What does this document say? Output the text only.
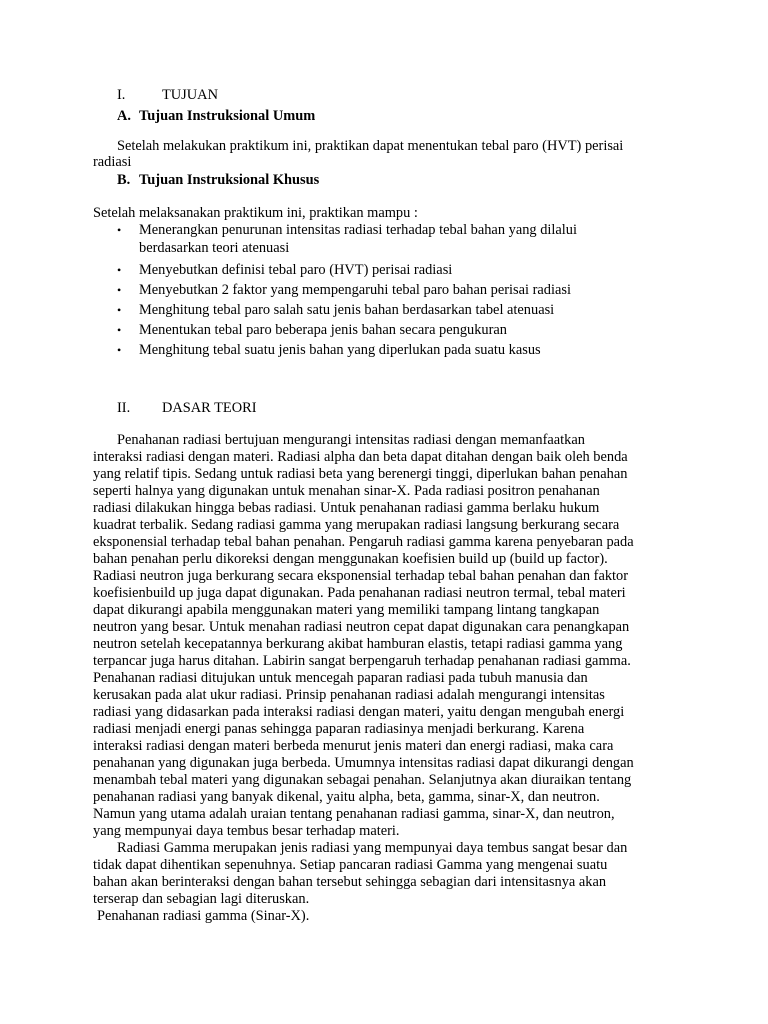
I.	TUJUAN
A. Tujuan Instruksional Umum
Setelah melakukan praktikum ini, praktikan dapat menentukan tebal paro (HVT) perisai
radiasi
B. Tujuan Instruksional Khusus
Setelah melaksanakan praktikum ini, praktikan mampu :
• Menerangkan penurunan intensitas radiasi terhadap tebal bahan yang dilalui
berdasarkan teori atenuasi
• Menyebutkan definisi tebal paro (HVT) perisai radiasi
• Menyebutkan 2 faktor yang mempengaruhi tebal paro bahan perisai radiasi
• Menghitung tebal paro salah satu jenis bahan berdasarkan tabel atenuasi
• Menentukan tebal paro beberapa jenis bahan secara pengukuran
• Menghitung tebal suatu jenis bahan yang diperlukan pada suatu kasus
II. DASAR TEORI
Penahanan radiasi bertujuan mengurangi intensitas radiasi dengan memanfaatkan
interaksi radiasi dengan materi. Radiasi alpha dan beta dapat ditahan dengan baik oleh benda
yang relatif tipis. Sedang untuk radiasi beta yang berenergi tinggi, diperlukan bahan penahan
seperti halnya yang digunakan untuk menahan sinar-X. Pada radiasi positron penahanan
radiasi dilakukan hingga bebas radiasi. Untuk penahanan radiasi gamma berlaku hukum
kuadrat terbalik. Sedang radiasi gamma yang merupakan radiasi langsung berkurang secara
eksponensial terhadap tebal bahan penahan. Pengaruh radiasi gamma karena penyebaran pada
bahan penahan perlu dikoreksi dengan menggunakan koefisien build up (build up factor).
Radiasi neutron juga berkurang secara eksponensial terhadap tebal bahan penahan dan faktor
koefisienbuild up juga dapat digunakan. Pada penahanan radiasi neutron termal, tebal materi
dapat dikurangi apabila menggunakan materi yang memiliki tampang lintang tangkapan
neutron yang besar. Untuk menahan radiasi neutron cepat dapat digunakan cara penangkapan
neutron setelah kecepatannya berkurang akibat hamburan elastis, tetapi radiasi gamma yang
terpancar juga harus ditahan. Labirin sangat berpengaruh terhadap penahanan radiasi gamma.
Penahanan radiasi ditujukan untuk mencegah paparan radiasi pada tubuh manusia dan
kerusakan pada alat ukur radiasi. Prinsip penahanan radiasi adalah mengurangi intensitas
radiasi yang didasarkan pada interaksi radiasi dengan materi, yaitu dengan mengubah energi
radiasi menjadi energi panas sehingga paparan radiasinya menjadi berkurang. Karena
interaksi radiasi dengan materi berbeda menurut jenis materi dan energi radiasi, maka cara
penahanan yang digunakan juga berbeda. Umumnya intensitas radiasi dapat dikurangi dengan
menambah tebal materi yang digunakan sebagai penahan. Selanjutnya akan diuraikan tentang
penahanan radiasi yang banyak dikenal, yaitu alpha, beta, gamma, sinar-X, dan neutron.
Namun yang utama adalah uraian tentang penahanan radiasi gamma, sinar-X, dan neutron,
yang mempunyai daya tembus besar terhadap materi.
Radiasi Gamma merupakan jenis radiasi yang mempunyai daya tembus sangat besar dan
tidak dapat dihentikan sepenuhnya. Setiap pancaran radiasi Gamma yang mengenai suatu
bahan akan berinteraksi dengan bahan tersebut sehingga sebagian dari intensitasnya akan
terserap dan sebagian lagi diteruskan.
Penahanan radiasi gamma (Sinar-X).
